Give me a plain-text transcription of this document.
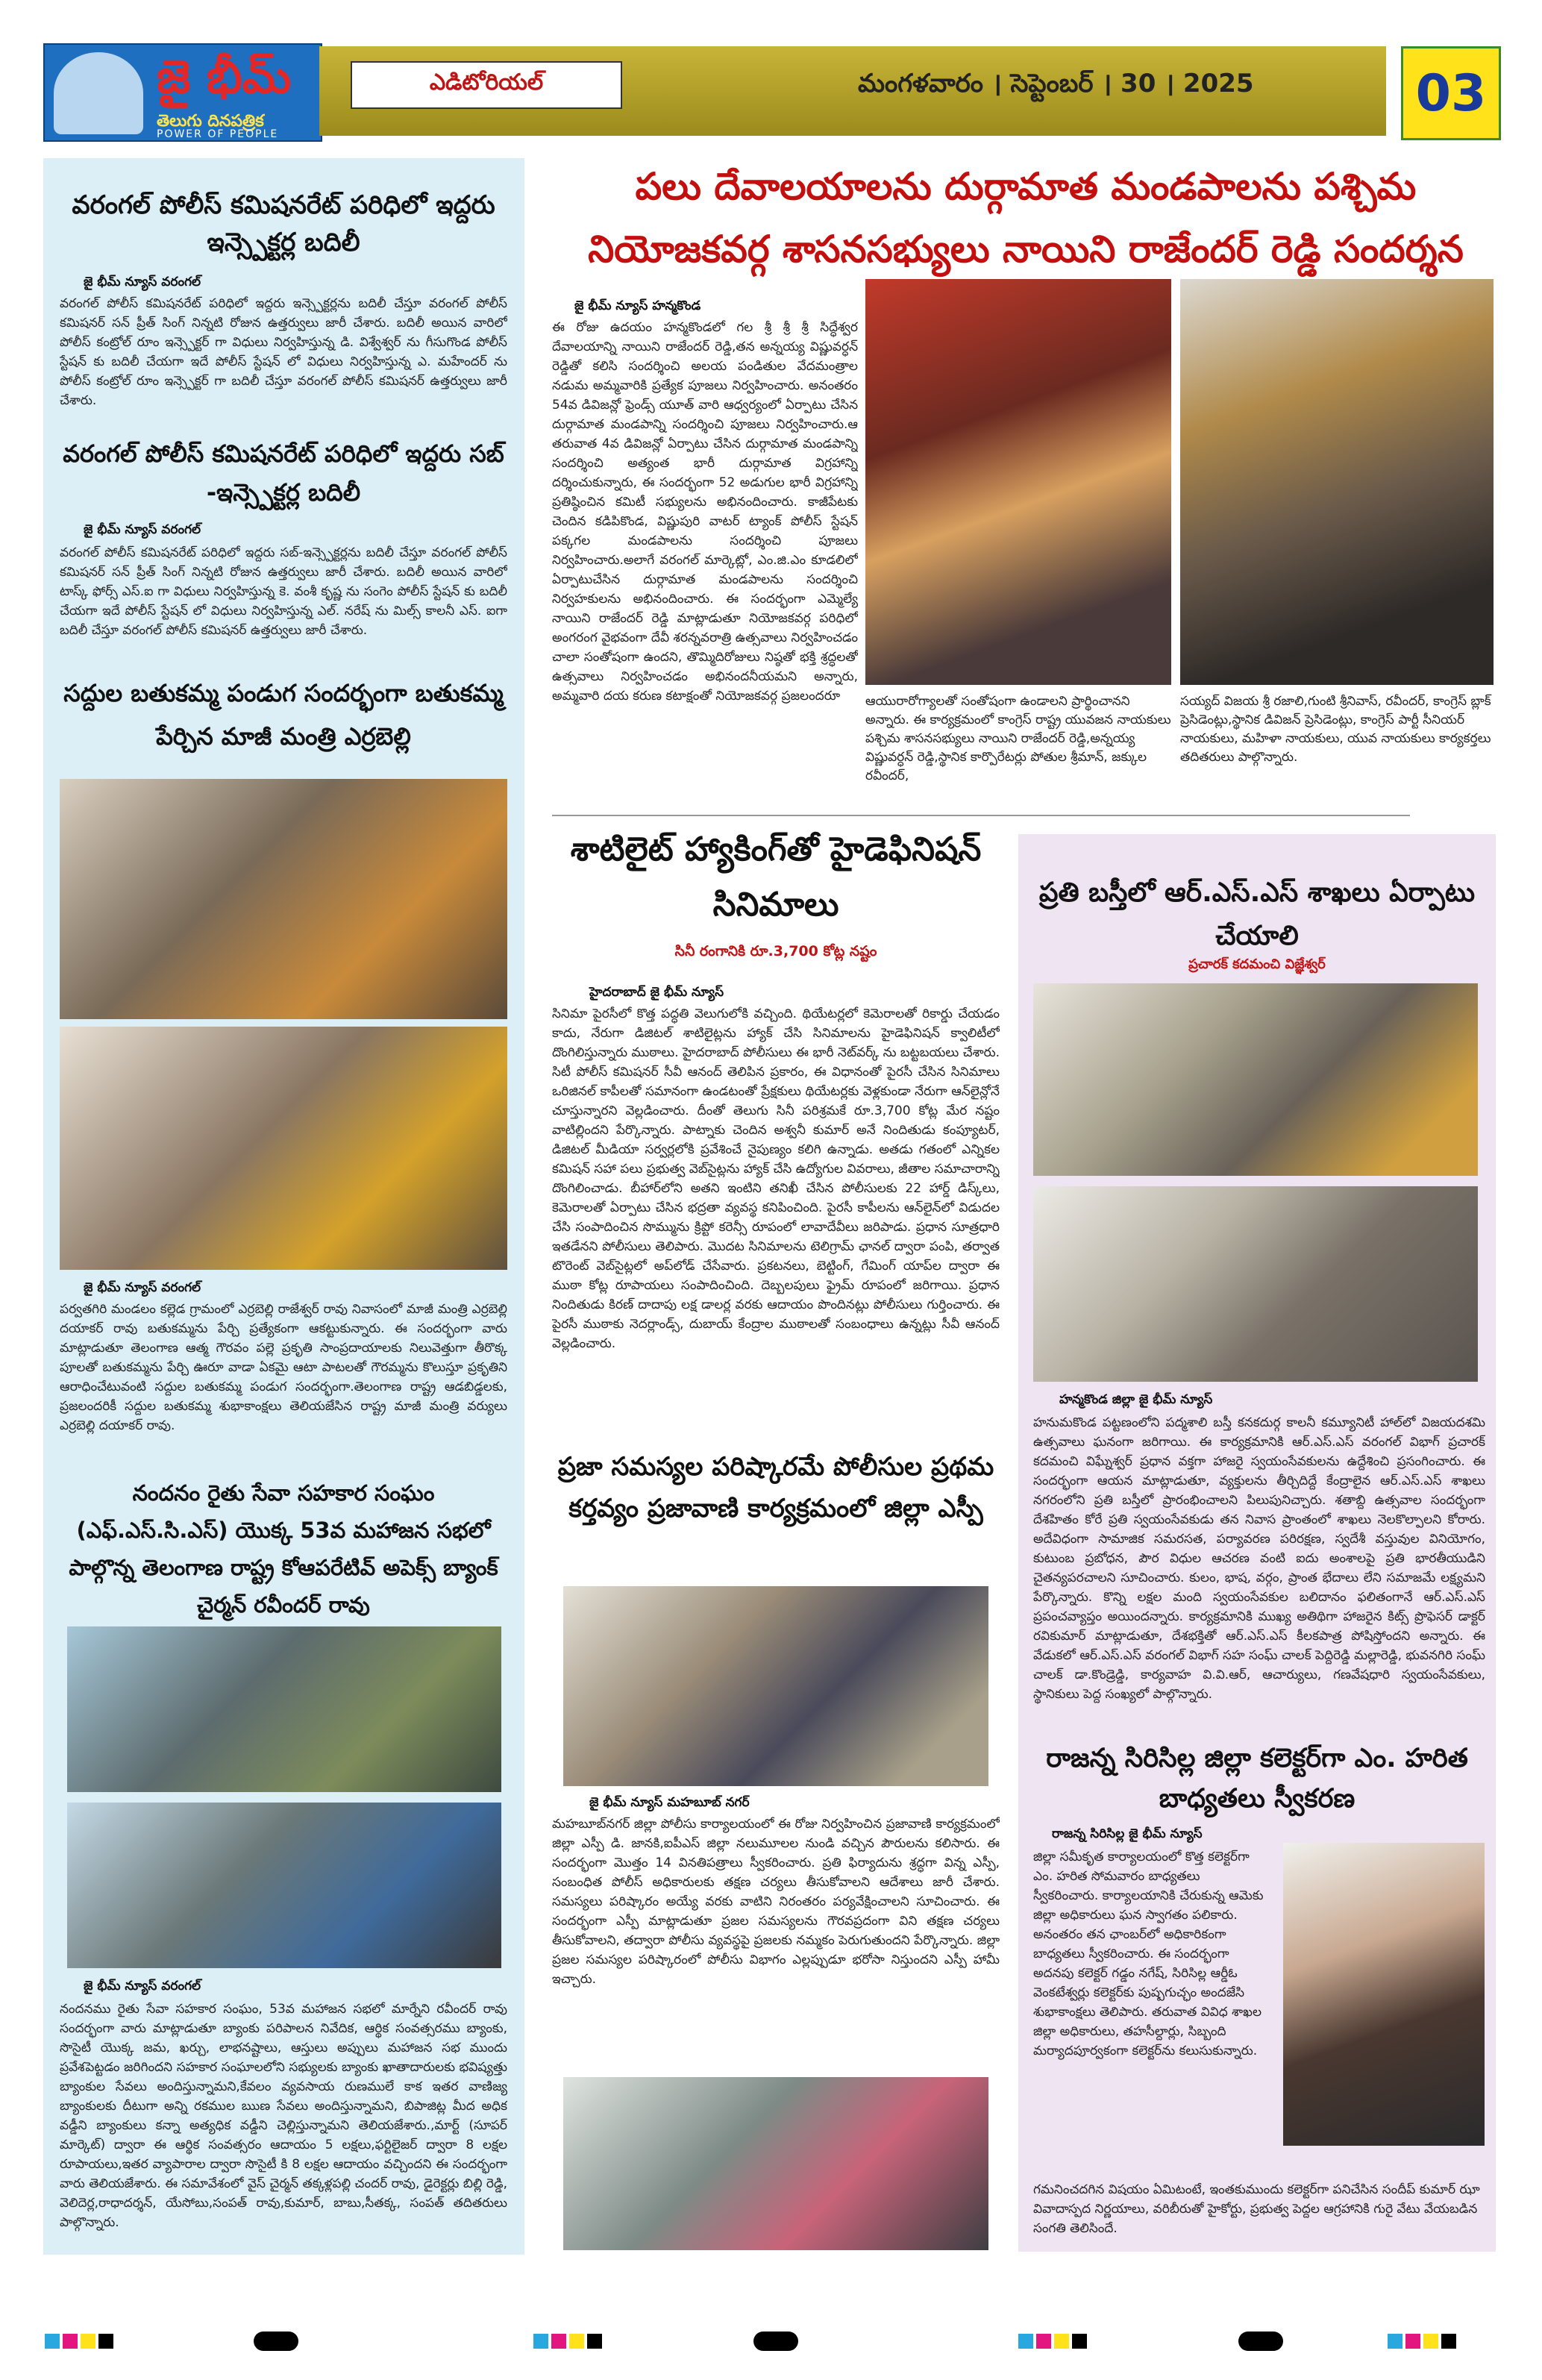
జై భీమ్
తెలుగు దినపత్రిక
POWER OF PEOPLE
ఎడిటోరియల్	మంగళవారం । సెప్టెంబర్ । 30 । 2025	03
వరంగల్ పోలీస్ కమిషనరేట్ పరిధిలో ఇద్దరు ఇన్స్పెక్టర్ల బదిలీ
జై భీమ్ న్యూస్ వరంగల్
వరంగల్ పోలీస్ కమిషనరేట్ పరిధిలో ఇద్దరు ఇన్స్పెక్టర్లను బదిలీ చేస్తూ వరంగల్ పోలీస్ కమిషనర్ సన్ ప్రీత్ సింగ్ నిన్నటి రోజున ఉత్తర్వులు జారీ చేశారు. బదిలీ అయిన వారిలో పోలీస్ కంట్రోల్ రూం ఇన్స్పెక్టర్ గా విధులు నిర్వహిస్తున్న డి. విశ్వేశ్వర్ ను గీసుగొండ పోలీస్ స్టేషన్ కు బదిలీ చేయగా ఇదే పోలీస్ స్టేషన్ లో విధులు నిర్వహిస్తున్న ఎ. మహేందర్ ను పోలీస్ కంట్రోల్ రూం ఇన్స్పెక్టర్ గా బదిలీ చేస్తూ వరంగల్ పోలీస్ కమిషనర్ ఉత్తర్వులు జారీ చేశారు.
వరంగల్ పోలీస్ కమిషనరేట్ పరిధిలో ఇద్దరు సబ్ -ఇన్స్పెక్టర్ల బదిలీ
జై భీమ్ న్యూస్ వరంగల్
వరంగల్ పోలీస్ కమిషనరేట్ పరిధిలో ఇద్దరు సబ్-ఇన్స్పెక్టర్లను బదిలీ చేస్తూ వరంగల్ పోలీస్ కమిషనర్ సన్ ప్రీత్ సింగ్ నిన్నటి రోజున ఉత్తర్వులు జారీ చేశారు. బదిలీ అయిన వారిలో టాస్క్ ఫోర్స్ ఎస్.ఐ గా విధులు నిర్వహిస్తున్న కె. వంశీ కృష్ణ ను సంగెం పోలీస్ స్టేషన్ కు బదిలీ చేయగా ఇదే పోలీస్ స్టేషన్ లో విధులు నిర్వహిస్తున్న ఎల్. నరేష్ ను మిల్స్ కాలనీ ఎస్. ఐగా బదిలీ చేస్తూ వరంగల్ పోలీస్ కమిషనర్ ఉత్తర్వులు జారీ చేశారు.
సద్దుల బతుకమ్మ పండుగ సందర్భంగా బతుకమ్మ పేర్చిన మాజీ మంత్రి ఎర్రబెల్లి
జై భీమ్ న్యూస్ వరంగల్
పర్వతగిరి మండలం కల్లెడ గ్రామంలో ఎర్రబెల్లి రాజేశ్వర్ రావు నివాసంలో మాజీ మంత్రి ఎర్రబెల్లి దయాకర్ రావు బతుకమ్మను పేర్చి ప్రత్యేకంగా ఆకట్టుకున్నారు. ఈ సందర్భంగా వారు మాట్లాడుతూ తెలంగాణ ఆత్మ గౌరవం పల్లె ప్రకృతి సాంప్రదాయాలకు నిలువెత్తుగా తీరొక్క పూలతో బతుకమ్మను పేర్చి ఊరూ వాడా ఏకమై ఆటా పాటలతో గౌరమ్మను కొలుస్తూ ప్రకృతిని ఆరాధించేటువంటి సద్దుల బతుకమ్మ పండుగ సందర్భంగా.తెలంగాణ రాష్ట్ర ఆడబిడ్డలకు, ప్రజలందరికీ సద్దుల బతుకమ్మ శుభాకాంక్షలు తెలియజేసిన రాష్ట్ర మాజీ మంత్రి వర్యులు ఎర్రబెల్లి దయాకర్ రావు.
నందనం రైతు సేవా సహకార సంఘం (ఎఫ్.ఎస్.సి.ఎస్) యొక్క 53వ మహాజన సభలో పాల్గొన్న తెలంగాణ రాష్ట్ర కోఆపరేటివ్ అపెక్స్ బ్యాంక్ చైర్మన్ రవీందర్ రావు
జై భీమ్ న్యూస్ వరంగల్
నందనము రైతు సేవా సహకార సంఘం, 53వ మహాజన సభలో మార్నేని రవీందర్ రావు సందర్భంగా వారు మాట్లాడుతూ బ్యాంకు పరిపాలన నివేదిక, ఆర్థిక సంవత్సరము బ్యాంకు, సొసైటీ యొక్క జమ, ఖర్చు, లాభనష్టాలు, ఆస్తులు అప్పులు మహాజన సభ ముందు ప్రవేశపెట్టడం జరిగిందని సహకార సంఘాలలోని సభ్యులకు బ్యాంకు ఖాతాదారులకు భవిష్యత్తు బ్యాంకుల సేవలు అందిస్తున్నామని,కేవలం వ్యవసాయ రుణములే కాక ఇతర వాణిజ్య బ్యాంకులకు దీటుగా అన్ని రకముల ఋణ సేవలు అందిస్తున్నామని, బిపాజిట్ల మీద అధిక వడ్డీని బ్యాంకులు కన్నా అత్యధిక వడ్డీని చెల్లిస్తున్నామని తెలియజేశారు.,మార్ట్ (సూపర్ మార్కెట్) ద్వారా ఈ ఆర్థిక సంవత్సరం ఆదాయం 5 లక్షలు,ఫర్టిలైజర్ ద్వారా 8 లక్షల రూపాయలు,ఇతర వ్యాపారాల ద్వారా సొసైటీ కి 8 లక్షల ఆదాయం వచ్చిందని ఈ సందర్భంగా వారు తెలియజేశారు. ఈ సమావేశంలో వైస్ చైర్మన్ తక్కళ్లపల్లి చందర్ రావు, డైరెక్టర్లు బిల్లి రెడ్డి, వెలిదెర్ల,రాధాదర్శన్, యేసోబు,సంపత్ రావు,కుమార్, బాబు,సీతక్క, సంపత్ తదితరులు పాల్గొన్నారు.
పలు దేవాలయాలను దుర్గామాత మండపాలను పశ్చిమ నియోజకవర్గ శాసనసభ్యులు నాయిని రాజేందర్ రెడ్డి సందర్శన
జై భీమ్ న్యూస్ హన్మకొండ
ఈ రోజు ఉదయం హన్మకొండలో గల శ్రీ శ్రీ శ్రీ సిద్ధేశ్వర దేవాలయాన్ని నాయిని రాజేందర్ రెడ్డి,తన అన్నయ్య విష్ణువర్ధన్ రెడ్డితో కలిసి సందర్శించి అలయ పండితుల వేదమంత్రాల నడుమ అమ్మవారికి ప్రత్యేక పూజలు నిర్వహించారు. అనంతరం 54వ డివిజన్లో ఫ్రెండ్స్ యూత్ వారి ఆధ్వర్యంలో ఏర్పాటు చేసిన దుర్గామాత మండపాన్ని సందర్శించి పూజలు నిర్వహించారు.ఆ తరువాత 4వ డివిజన్లో ఏర్పాటు చేసిన దుర్గామాత మండపాన్ని సందర్శించి అత్యంత భారీ దుర్గామాత విగ్రహాన్ని దర్శించుకున్నారు, ఈ సందర్భంగా 52 అడుగుల భారీ విగ్రహాన్ని ప్రతిష్ఠించిన కమిటీ సభ్యులను అభినందించారు. కాజీపేటకు చెందిన కడిపికొండ, విష్ణుపురి వాటర్ ట్యాంక్ పోలీస్ స్టేషన్ పక్కగల మండపాలను సందర్శించి పూజలు నిర్వహించారు.అలాగే వరంగల్ మార్కెట్లో, ఎం.జి.ఎం కూడలిలో ఏర్పాటుచేసిన దుర్గామాత మండపాలను సందర్శించి నిర్వహకులను అభినందించారు. ఈ సందర్భంగా ఎమ్మెల్యే నాయిని రాజేందర్ రెడ్డి మాట్లాడుతూ నియోజకవర్గ పరిధిలో అంగరంగ వైభవంగా దేవీ శరన్నవరాత్రి ఉత్సవాలు నిర్వహించడం చాలా సంతోషంగా ఉందని, తొమ్మిదిరోజులు నిష్ఠతో భక్తి శ్రద్ధలతో ఉత్సవాలు నిర్వహించడం అభినందనీయమని అన్నారు, అమ్మవారి దయ కరుణ కటాక్షంతో నియోజకవర్గ ప్రజలందరూ	ఆయురారోగ్యాలతో సంతోషంగా ఉండాలని ప్రార్థించానని అన్నారు. ఈ కార్యక్రమంలో కాంగ్రెస్ రాష్ట్ర యువజన నాయకులు పశ్చిమ శాసనసభ్యులు నాయిని రాజేందర్ రెడ్డి,అన్నయ్య విష్ణువర్ధన్ రెడ్డి,స్థానిక కార్పొరేటర్లు పోతుల శ్రీమాన్, జక్కుల రవీందర్,
సయ్యద్ విజయ శ్రీ రజాలి,గుంటి శ్రీనివాస్, రవీందర్, కాంగ్రెస్ బ్లాక్ ప్రెసిడెంట్లు,స్థానిక డివిజన్ ప్రెసిడెంట్లు, కాంగ్రెస్ పార్టీ సీనియర్ నాయకులు, మహిళా నాయకులు, యువ నాయకులు కార్యకర్తలు తదితరులు పాల్గొన్నారు.
శాటిలైట్ హ్యాకింగ్‌తో హైడెఫినిషన్ సినిమాలు
సినీ రంగానికి రూ.3,700 కోట్ల నష్టం
హైదరాబాద్ జై భీమ్ న్యూస్
సినిమా పైరసీలో కొత్త పద్ధతి వెలుగులోకి వచ్చింది. థియేటర్లలో కెమెరాలతో రికార్డు చేయడం కాదు, నేరుగా డిజిటల్ శాటిలైట్లను హ్యాక్ చేసి సినిమాలను హైడెఫినిషన్ క్వాలిటీలో దొంగిలిస్తున్నారు ముఠాలు. హైదరాబాద్ పోలీసులు ఈ భారీ నెట్‌వర్క్ ను బట్టబయలు చేశారు. సిటీ పోలీస్ కమిషనర్ సీవీ ఆనంద్ తెలిపిన ప్రకారం, ఈ విధానంతో పైరసీ చేసిన సినిమాలు ఒరిజినల్ కాపీలతో సమానంగా ఉండటంతో ప్రేక్షకులు థియేటర్లకు వెళ్లకుండా నేరుగా ఆన్‌లైన్లోనే చూస్తున్నారని వెల్లడించారు. దీంతో తెలుగు సినీ పరిశ్రమకే రూ.3,700 కోట్ల మేర నష్టం వాటిల్లిందని పేర్కొన్నారు. పాట్నాకు చెందిన అశ్వనీ కుమార్ అనే నిందితుడు కంప్యూటర్, డిజిటల్ మీడియా సర్వర్లలోకి ప్రవేశించే నైపుణ్యం కలిగి ఉన్నాడు. అతడు గతంలో ఎన్నికల కమిషన్ సహా పలు ప్రభుత్వ వెబ్‌సైట్లను హ్యాక్ చేసి ఉద్యోగుల వివరాలు, జీతాల సమాచారాన్ని దొంగిలించాడు. బీహార్‌లోని అతని ఇంటిని తనిఖీ చేసిన పోలీసులకు 22 హార్డ్ డిస్క్‌లు, కెమెరాలతో ఏర్పాటు చేసిన భద్రతా వ్యవస్థ కనిపించింది. పైరసీ కాపీలను ఆన్‌లైన్‌లో విడుదల చేసి సంపాదించిన సొమ్మును క్రిప్టో కరెన్సీ రూపంలో లావాదేవీలు జరిపాడు. ప్రధాన సూత్రధారి ఇతడేనని పోలీసులు తెలిపారు. మొదట సినిమాలను టెలిగ్రామ్ ఛానల్ ద్వారా పంపి, తర్వాత టొరెంట్ వెబ్‌సైట్లలో అప్‌లోడ్ చేసేవారు. ప్రకటనలు, బెట్టింగ్, గేమింగ్ యాప్‌ల ద్వారా ఈ ముఠా కోట్ల రూపాయలు సంపాదించింది. దెబ్బలపులు ఫ్రైమ్ రూపంలో జరిగాయి. ప్రధాన నిందితుడు కిరణ్ దాదాపు లక్ష డాలర్ల వరకు ఆదాయం పొందినట్లు పోలీసులు గుర్తించారు. ఈ పైరసీ ముఠాకు నెదర్లాండ్స్, దుబాయ్ కేంద్రాల ముఠాలతో సంబంధాలు ఉన్నట్లు సీవీ ఆనంద్ వెల్లడించారు.
ప్రజా సమస్యల పరిష్కారమే పోలీసుల ప్రథమ కర్తవ్యం ప్రజావాణి కార్యక్రమంలో జిల్లా ఎస్పీ
జై భీమ్ న్యూస్ మహబూబ్ నగర్
మహబూబ్‌నగర్ జిల్లా పోలీసు కార్యాలయంలో ఈ రోజు నిర్వహించిన ప్రజావాణి కార్యక్రమంలో జిల్లా ఎస్పీ డి. జానకి,ఐపీఎస్ జిల్లా నలుమూలల నుండి వచ్చిన పౌరులను కలిసారు. ఈ సందర్భంగా మొత్తం 14 వినతిపత్రాలు స్వీకరించారు. ప్రతి ఫిర్యాదును శ్రద్ధగా విన్న ఎస్పీ, సంబంధిత పోలీస్ అధికారులకు తక్షణ చర్యలు తీసుకోవాలని ఆదేశాలు జారీ చేశారు. సమస్యలు పరిష్కారం అయ్యే వరకు వాటిని నిరంతరం పర్యవేక్షించాలని సూచించారు. ఈ సందర్భంగా ఎస్పీ మాట్లాడుతూ ప్రజల సమస్యలను గౌరవప్రదంగా విని తక్షణ చర్యలు తీసుకోవాలని, తద్వారా పోలీసు వ్యవస్థపై ప్రజలకు నమ్మకం పెరుగుతుందని పేర్కొన్నారు. జిల్లా ప్రజల సమస్యల పరిష్కారంలో పోలీసు విభాగం ఎల్లప్పుడూ భరోసా నిస్తుందని ఎస్పీ హామీ ఇచ్చారు.
ప్రతి బస్తీలో ఆర్.ఎస్.ఎస్ శాఖలు ఏర్పాటు చేయాలి
ప్రచారక్ కదమంచి విజ్ఞేశ్వర్
హన్మకొండ జిల్లా జై భీమ్ న్యూస్
హనుమకొండ పట్టణంలోని పద్మశాలి బస్తీ కనకదుర్గ కాలనీ కమ్యూనిటీ హాల్‌లో విజయదశమి ఉత్సవాలు ఘనంగా జరిగాయి. ఈ కార్యక్రమానికి ఆర్.ఎస్.ఎస్ వరంగల్ విభాగ్ ప్రచారక్ కదమంచి విఘ్నేశ్వర్ ప్రధాన వక్తగా హాజరై స్వయంసేవకులను ఉద్దేశించి ప్రసంగించారు. ఈ సందర్భంగా ఆయన మాట్లాడుతూ, వ్యక్తులను తీర్చిదిద్దే కేంద్రాలైన ఆర్.ఎస్.ఎస్ శాఖలు నగరంలోని ప్రతి బస్తీలో ప్రారంభించాలని పిలుపునిచ్చారు. శతాబ్ది ఉత్సవాల సందర్భంగా దేశహితం కోరే ప్రతి స్వయంసేవకుడు తన నివాస ప్రాంతంలో శాఖలు నెలకొల్పాలని కోరారు. అదేవిధంగా సామాజిక సమరసత, పర్యావరణ పరిరక్షణ, స్వదేశీ వస్తువుల వినియోగం, కుటుంబ ప్రబోధన, పౌర విధుల ఆచరణ వంటి ఐదు అంశాలపై ప్రతి భారతీయుడిని చైతన్యపరచాలని సూచించారు. కులం, భాష, వర్గం, ప్రాంత భేదాలు లేని సమాజమే లక్ష్యమని పేర్కొన్నారు. కొన్ని లక్షల మంది స్వయంసేవకుల బలిదానం ఫలితంగానే ఆర్.ఎస్.ఎస్ ప్రపంచవ్యాప్తం అయిందన్నారు. కార్యక్రమానికి ముఖ్య అతిథిగా హాజరైన కిట్స్ ప్రొఫెసర్ డాక్టర్ రవికుమార్ మాట్లాడుతూ, దేశభక్తితో ఆర్.ఎస్.ఎస్ కీలకపాత్ర పోషిస్తోందని అన్నారు. ఈ వేడుకలో ఆర్.ఎస్.ఎస్ వరంగల్ విభాగ్ సహ సంఘ్ చాలక్ పెద్దిరెడ్డి మల్లారెడ్డి, భువనగిరి సంఘ్ చాలక్ డా.కొండ్రెడ్డి, కార్యవాహ వి.వి.ఆర్, ఆచార్యులు, గణవేషధారి స్వయంసేవకులు, స్థానికులు పెద్ద సంఖ్యలో పాల్గొన్నారు.
రాజన్న సిరిసిల్ల జిల్లా కలెక్టర్‌గా ఎం. హరిత బాధ్యతలు స్వీకరణ
రాజన్న సిరిసిల్ల జై భీమ్ న్యూస్
జిల్లా సమీకృత కార్యాలయంలో కొత్త కలెక్టర్‌గా ఎం. హరిత సోమవారం బాధ్యతలు స్వీకరించారు. కార్యాలయానికి చేరుకున్న ఆమెకు జిల్లా అధికారులు ఘన స్వాగతం పలికారు. అనంతరం తన ఛాంబర్‌లో అధికారికంగా బాధ్యతలు స్వీకరించారు. ఈ సందర్భంగా అదనపు కలెక్టర్ గడ్డం నగేష్, సిరిసిల్ల ఆర్డీఓ వెంకటేశ్వర్లు కలెక్టర్‌కు పుష్పగుచ్ఛం అందజేసి శుభాకాంక్షలు తెలిపారు. తరువాత వివిధ శాఖల జిల్లా అధికారులు, తహసీల్దార్లు, సిబ్బంది మర్యాదపూర్వకంగా కలెక్టర్‌ను కలుసుకున్నారు.
గమనించదగిన విషయం ఏమిటంటే, ఇంతకుముందు కలెక్టర్‌గా పనిచేసిన సందీప్ కుమార్ ఝా వివాదాస్పద నిర్ణయాలు, వరిబీరుతో హైకోర్టు, ప్రభుత్వ పెద్దల ఆగ్రహానికి గురై వేటు వేయబడిన సంగతి తెలిసిందే.
